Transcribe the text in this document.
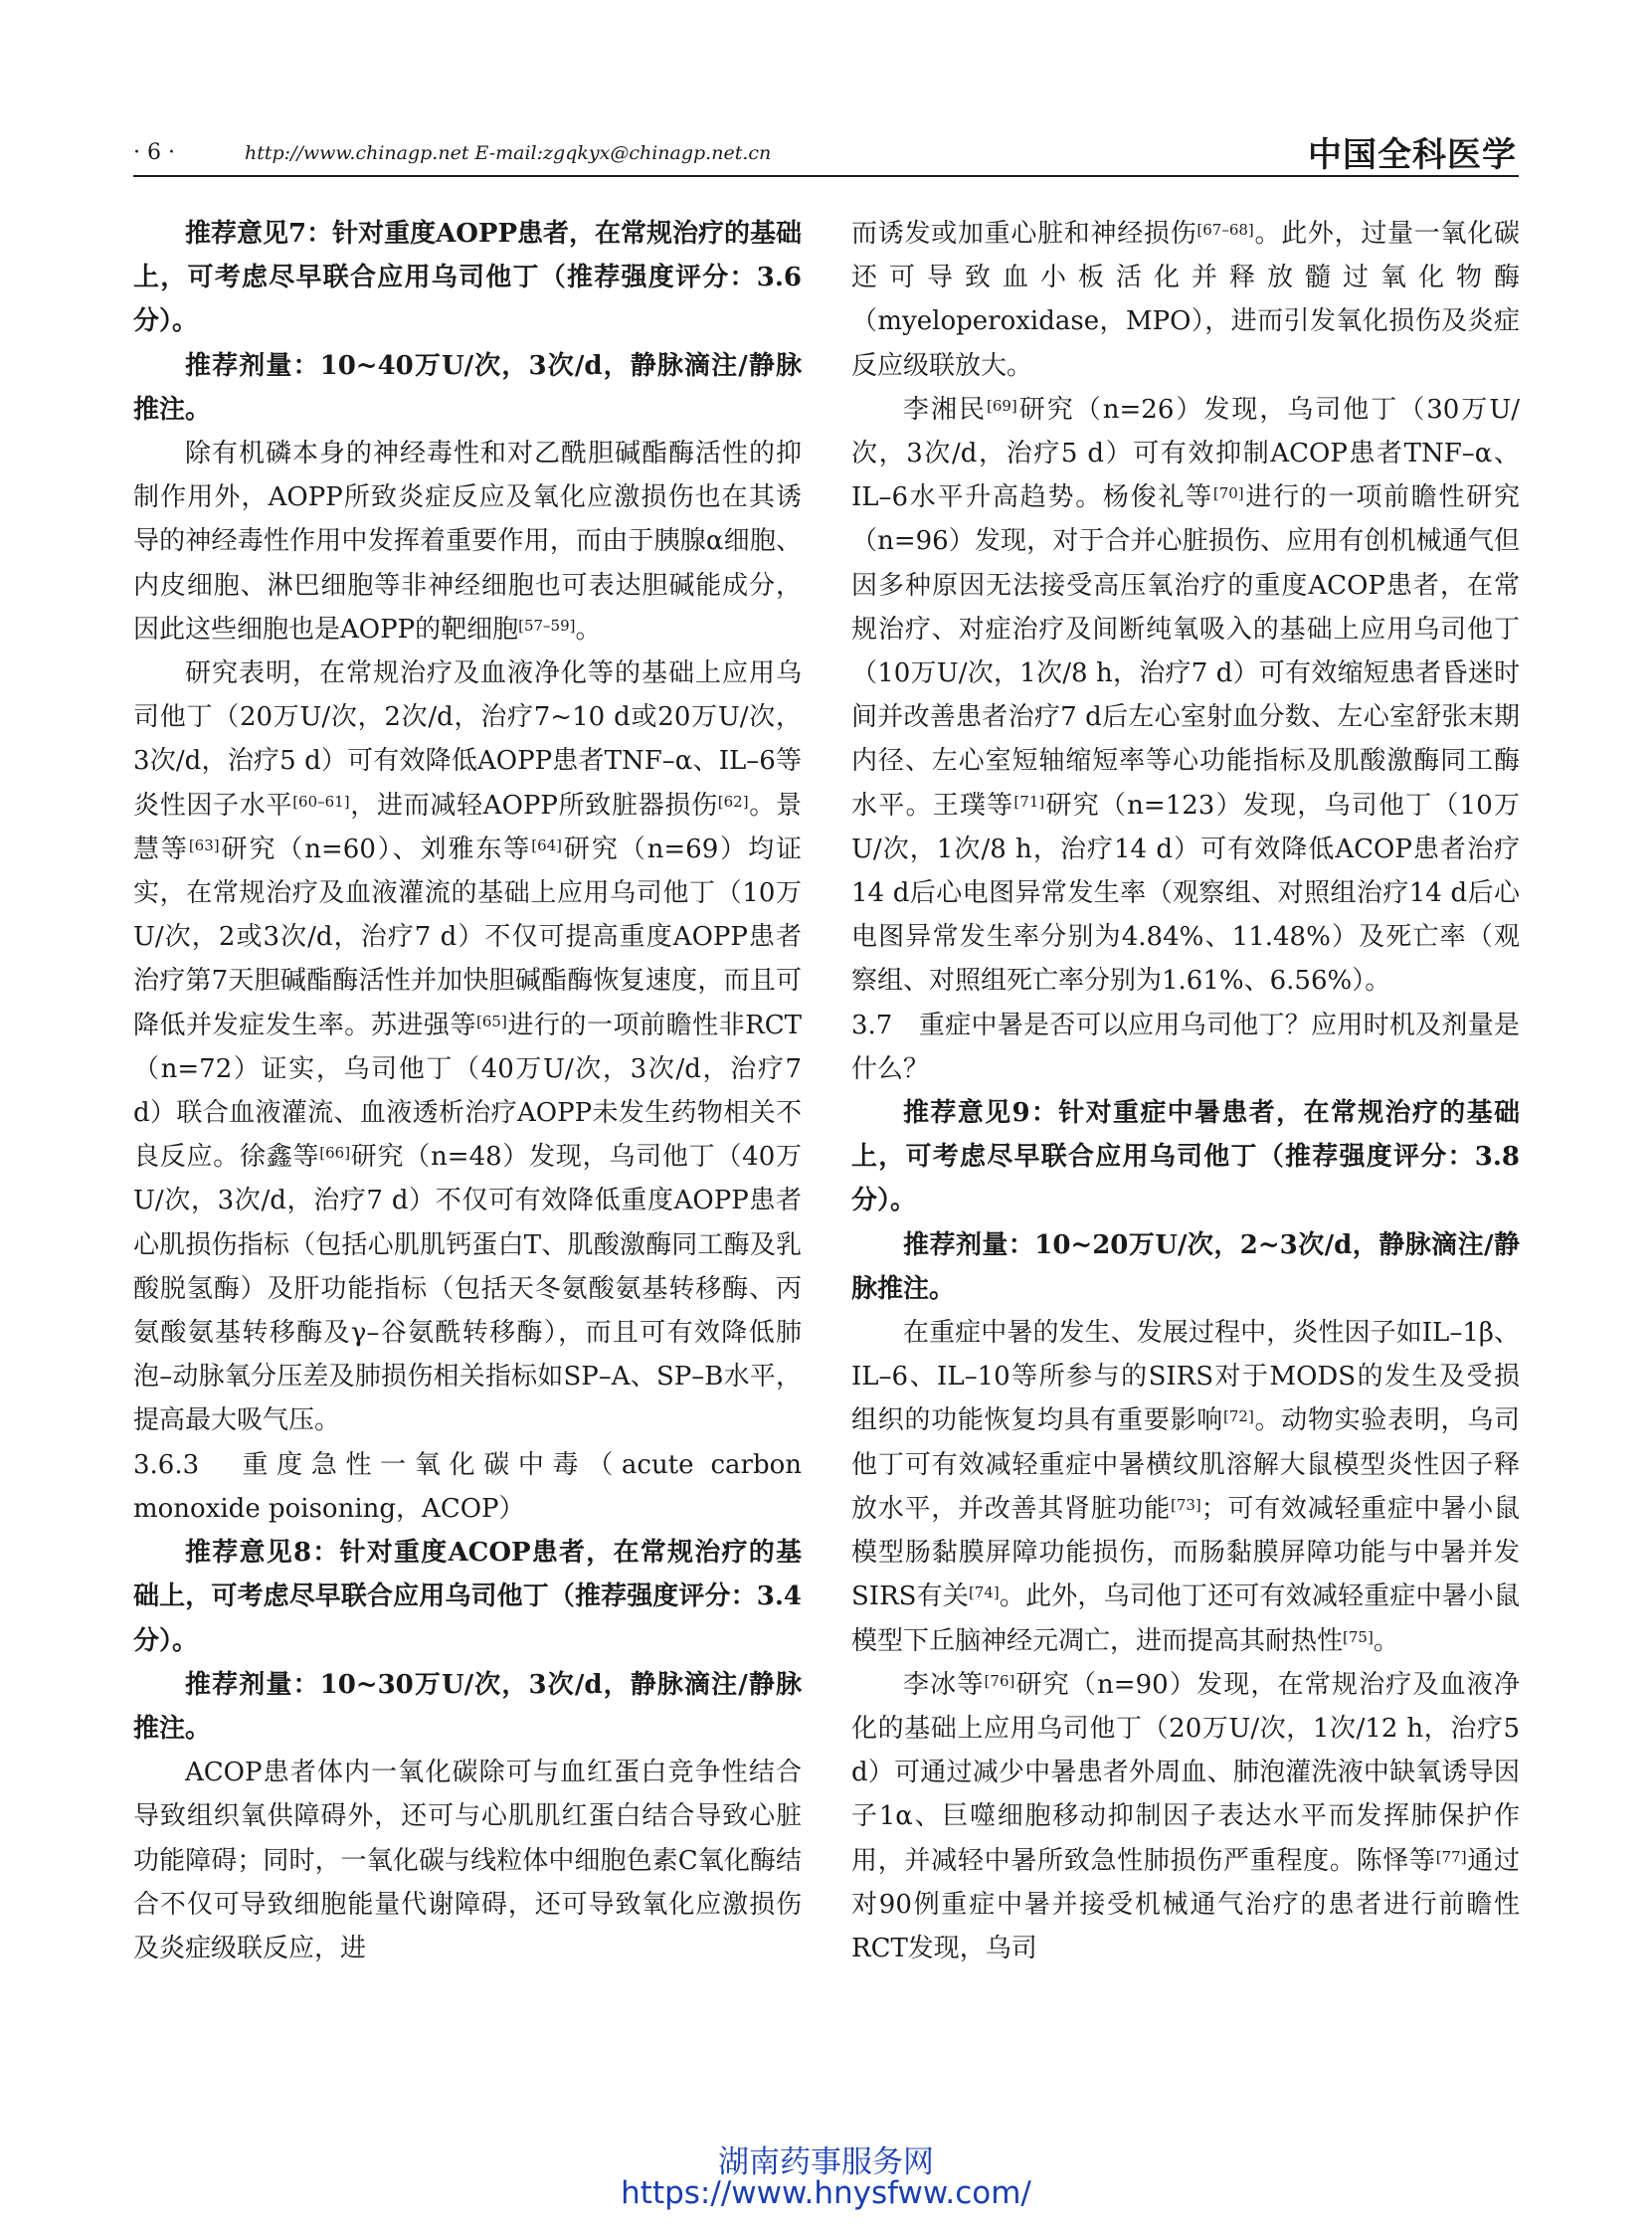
· 6 ·	http://www.chinagp.net E-mail:zgqkyx@chinagp.net.cn	中国全科医学

推荐意见7：针对重度AOPP患者，在常规治疗的基础上，可考虑尽早联合应用乌司他丁（推荐强度评分：3.6分）。

推荐剂量：10~40万U/次，3次/d，静脉滴注/静脉推注。

除有机磷本身的神经毒性和对乙酰胆碱酯酶活性的抑制作用外，AOPP所致炎症反应及氧化应激损伤也在其诱导的神经毒性作用中发挥着重要作用，而由于胰腺α细胞、内皮细胞、淋巴细胞等非神经细胞也可表达胆碱能成分，因此这些细胞也是AOPP的靶细胞[57–59]。

研究表明，在常规治疗及血液净化等的基础上应用乌司他丁（20万U/次，2次/d，治疗7~10 d或20万U/次，3次/d，治疗5 d）可有效降低AOPP患者TNF–α、IL–6等炎性因子水平[60–61]，进而减轻AOPP所致脏器损伤[62]。景慧等[63]研究（n=60）、刘雅东等[64]研究（n=69）均证实，在常规治疗及血液灌流的基础上应用乌司他丁（10万U/次，2或3次/d，治疗7 d）不仅可提高重度AOPP患者治疗第7天胆碱酯酶活性并加快胆碱酯酶恢复速度，而且可降低并发症发生率。苏进强等[65]进行的一项前瞻性非RCT（n=72）证实，乌司他丁（40万U/次，3次/d，治疗7 d）联合血液灌流、血液透析治疗AOPP未发生药物相关不良反应。徐鑫等[66]研究（n=48）发现，乌司他丁（40万U/次，3次/d，治疗7 d）不仅可有效降低重度AOPP患者心肌损伤指标（包括心肌肌钙蛋白T、肌酸激酶同工酶及乳酸脱氢酶）及肝功能指标（包括天冬氨酸氨基转移酶、丙氨酸氨基转移酶及γ–谷氨酰转移酶），而且可有效降低肺泡–动脉氧分压差及肺损伤相关指标如SP–A、SP–B水平，提高最大吸气压。

3.6.3　重度急性一氧化碳中毒（acute carbon monoxide poisoning，ACOP）

推荐意见8：针对重度ACOP患者，在常规治疗的基础上，可考虑尽早联合应用乌司他丁（推荐强度评分：3.4分）。

推荐剂量：10~30万U/次，3次/d，静脉滴注/静脉推注。

ACOP患者体内一氧化碳除可与血红蛋白竞争性结合导致组织氧供障碍外，还可与心肌肌红蛋白结合导致心脏功能障碍；同时，一氧化碳与线粒体中细胞色素C氧化酶结合不仅可导致细胞能量代谢障碍，还可导致氧化应激损伤及炎症级联反应，进

而诱发或加重心脏和神经损伤[67–68]。此外，过量一氧化碳还可导致血小板活化并释放髓过氧化物酶（myeloperoxidase，MPO），进而引发氧化损伤及炎症反应级联放大。

李湘民[69]研究（n=26）发现，乌司他丁（30万U/次，3次/d，治疗5 d）可有效抑制ACOP患者TNF–α、IL–6水平升高趋势。杨俊礼等[70]进行的一项前瞻性研究（n=96）发现，对于合并心脏损伤、应用有创机械通气但因多种原因无法接受高压氧治疗的重度ACOP患者，在常规治疗、对症治疗及间断纯氧吸入的基础上应用乌司他丁（10万U/次，1次/8 h，治疗7 d）可有效缩短患者昏迷时间并改善患者治疗7 d后左心室射血分数、左心室舒张末期内径、左心室短轴缩短率等心功能指标及肌酸激酶同工酶水平。王璞等[71]研究（n=123）发现，乌司他丁（10万U/次，1次/8 h，治疗14 d）可有效降低ACOP患者治疗14 d后心电图异常发生率（观察组、对照组治疗14 d后心电图异常发生率分别为4.84%、11.48%）及死亡率（观察组、对照组死亡率分别为1.61%、6.56%）。

3.7　重症中暑是否可以应用乌司他丁？应用时机及剂量是什么？

推荐意见9：针对重症中暑患者，在常规治疗的基础上，可考虑尽早联合应用乌司他丁（推荐强度评分：3.8分）。

推荐剂量：10~20万U/次，2~3次/d，静脉滴注/静脉推注。

在重症中暑的发生、发展过程中，炎性因子如IL–1β、IL–6、IL–10等所参与的SIRS对于MODS的发生及受损组织的功能恢复均具有重要影响[72]。动物实验表明，乌司他丁可有效减轻重症中暑横纹肌溶解大鼠模型炎性因子释放水平，并改善其肾脏功能[73]；可有效减轻重症中暑小鼠模型肠黏膜屏障功能损伤，而肠黏膜屏障功能与中暑并发SIRS有关[74]。此外，乌司他丁还可有效减轻重症中暑小鼠模型下丘脑神经元凋亡，进而提高其耐热性[75]。

李冰等[76]研究（n=90）发现，在常规治疗及血液净化的基础上应用乌司他丁（20万U/次，1次/12 h，治疗5 d）可通过减少中暑患者外周血、肺泡灌洗液中缺氧诱导因子1α、巨噬细胞移动抑制因子表达水平而发挥肺保护作用，并减轻中暑所致急性肺损伤严重程度。陈怿等[77]通过对90例重症中暑并接受机械通气治疗的患者进行前瞻性RCT发现，乌司

湖南药事服务网
https://www.hnysfww.com/
